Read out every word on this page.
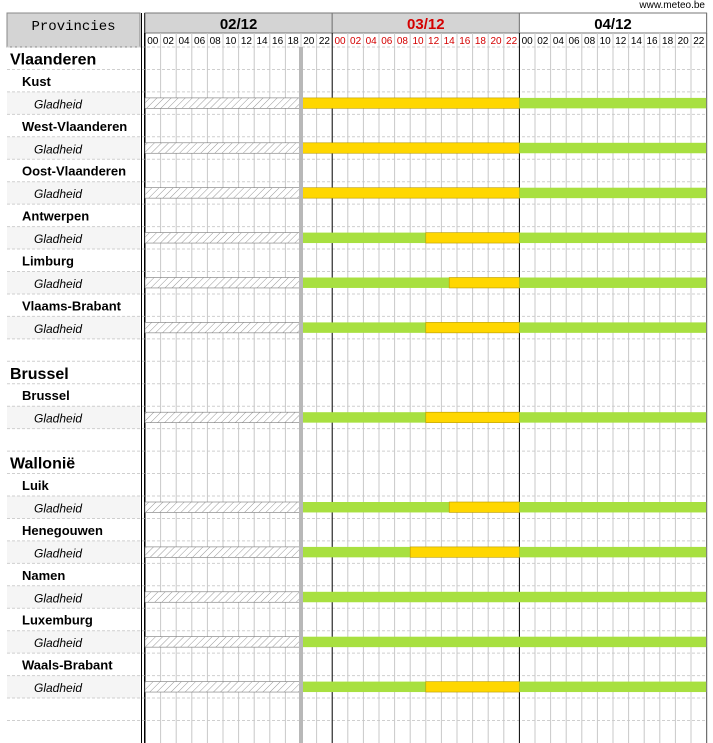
www.meteo.be
Provincies	02/12
00 02 04 06 08 10 12 14 16 18 20 22
03/12
00 02 04 06 08 10 12 14 16 18 20 22
04/12
00 02 04 06 08 10 12 14 16 18 20 22
Vlaanderen
Kust
Gladheid
West-Vlaanderen
Gladheid
Oost-Vlaanderen
Gladheid
Antwerpen
Gladheid
Limburg
Gladheid
Vlaams-Brabant
Gladheid
Brussel
Brussel
Gladheid
Wallonië
Luik
Gladheid
Henegouwen
Gladheid
Namen
Gladheid
Luxemburg
Gladheid
Waals-Brabant
Gladheid
